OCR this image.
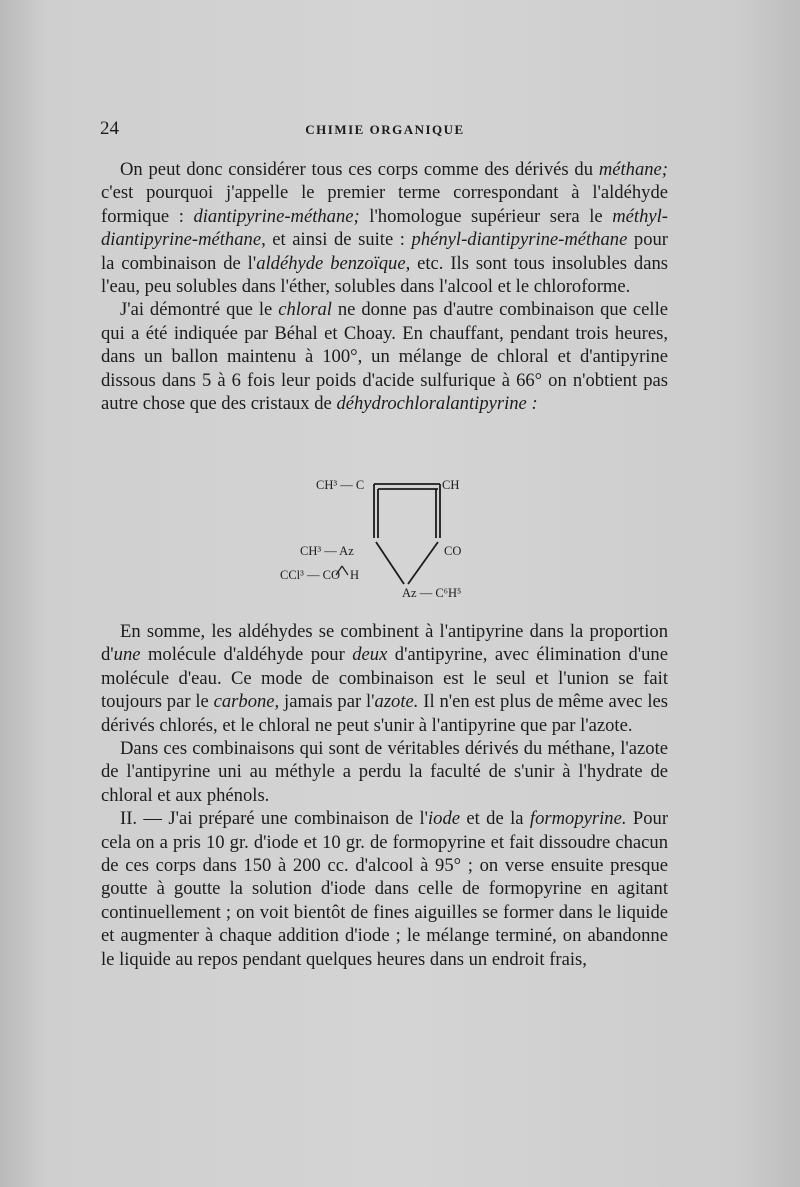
24	CHIMIE ORGANIQUE

On peut donc considérer tous ces corps comme des dérivés du méthane; c'est pourquoi j'appelle le premier terme correspondant à l'aldéhyde formique : diantipyrine-méthane; l'homologue supérieur sera le méthyl-diantipyrine-méthane, et ainsi de suite : phényl-diantipyrine-méthane pour la combinaison de l'aldéhyde benzoïque, etc. Ils sont tous insolubles dans l'eau, peu solubles dans l'éther, solubles dans l'alcool et le chloroforme.

J'ai démontré que le chloral ne donne pas d'autre combinaison que celle qui a été indiquée par Béhal et Choay. En chauffant, pendant trois heures, dans un ballon maintenu à 100°, un mélange de chloral et d'antipyrine dissous dans 5 à 6 fois leur poids d'acide sulfurique à 66° on n'obtient pas autre chose que des cristaux de déhydrochloralantipyrine :

CH³ — C	CH
CH³ — Az	CO
CCl³ — CO H
Az — C⁶H⁵

En somme, les aldéhydes se combinent à l'antipyrine dans la proportion d'une molécule d'aldéhyde pour deux d'antipyrine, avec élimination d'une molécule d'eau. Ce mode de combinaison est le seul et l'union se fait toujours par le carbone, jamais par l'azote. Il n'en est plus de même avec les dérivés chlorés, et le chloral ne peut s'unir à l'antipyrine que par l'azote.

Dans ces combinaisons qui sont de véritables dérivés du méthane, l'azote de l'antipyrine uni au méthyle a perdu la faculté de s'unir à l'hydrate de chloral et aux phénols.

II. — J'ai préparé une combinaison de l'iode et de la formopyrine. Pour cela on a pris 10 gr. d'iode et 10 gr. de formopyrine et fait dissoudre chacun de ces corps dans 150 à 200 cc. d'alcool à 95° ; on verse ensuite presque goutte à goutte la solution d'iode dans celle de formopyrine en agitant continuellement ; on voit bientôt de fines aiguilles se former dans le liquide et augmenter à chaque addition d'iode ; le mélange terminé, on abandonne le liquide au repos pendant quelques heures dans un endroit frais,
